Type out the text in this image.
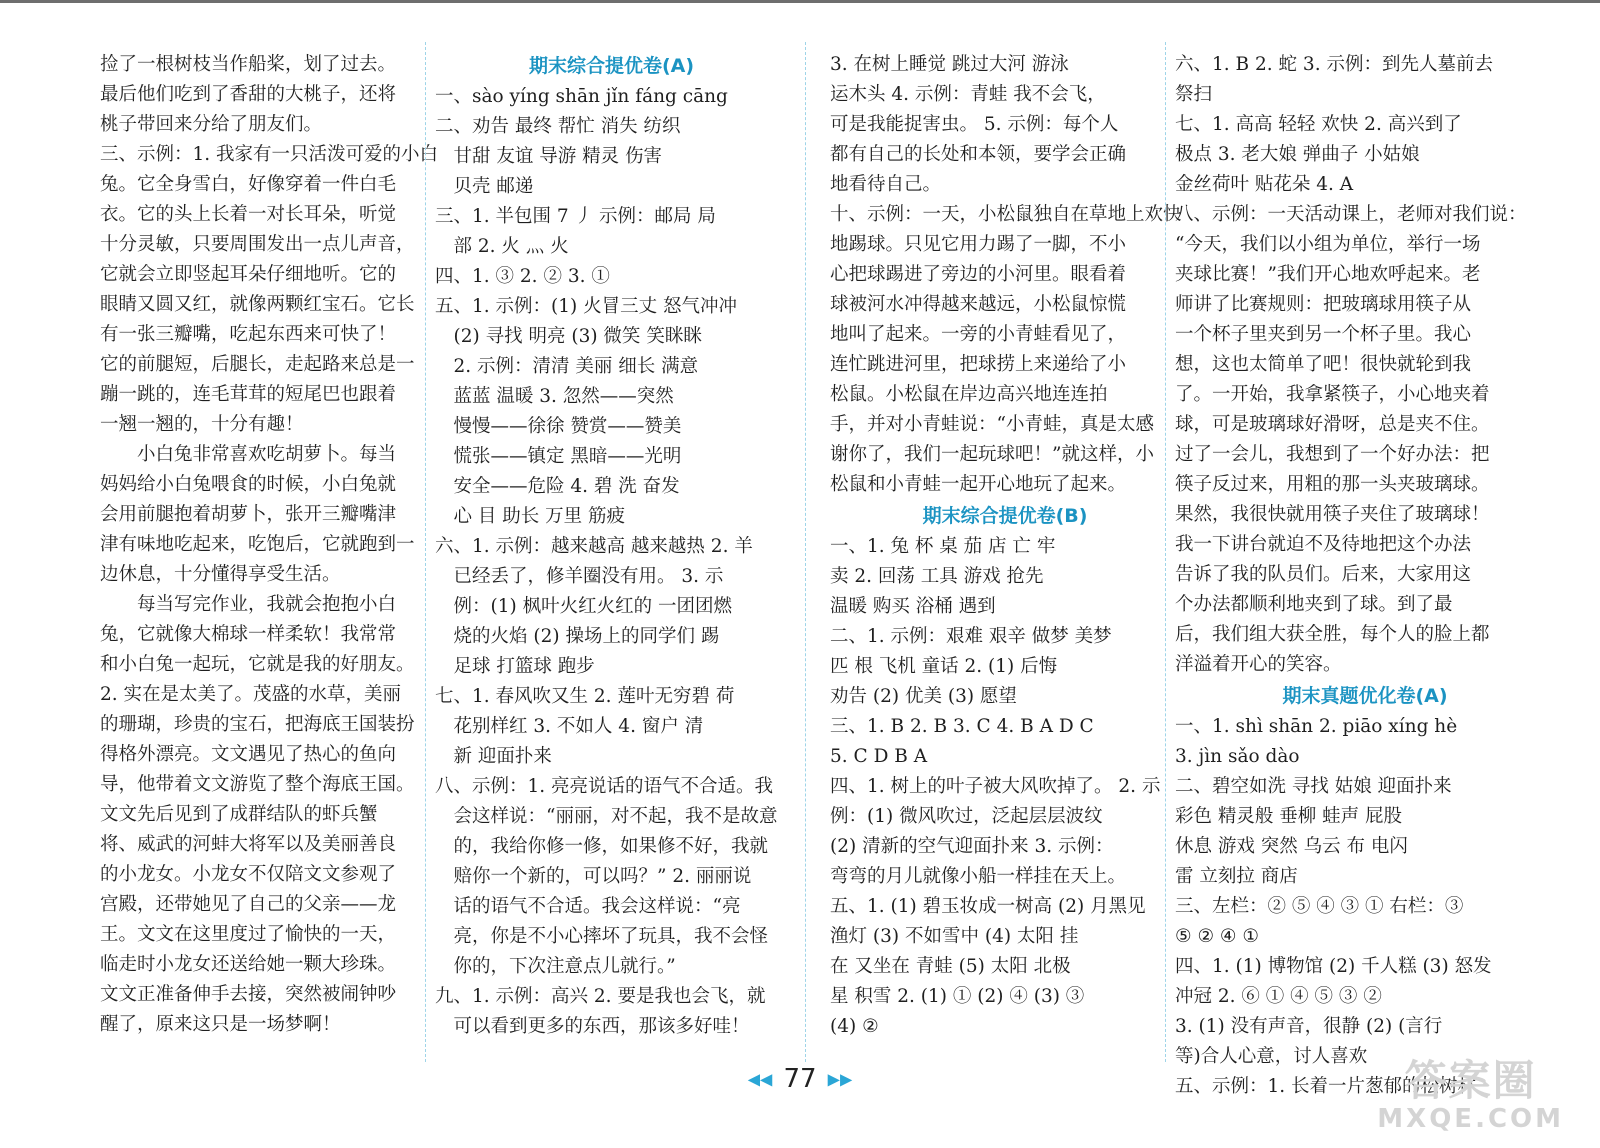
捡了一根树枝当作船桨，划了过去。
最后他们吃到了香甜的大桃子，还将
桃子带回来分给了朋友们。
三、示例：1. 我家有一只活泼可爱的小白
兔。它全身雪白，好像穿着一件白毛
衣。它的头上长着一对长耳朵，听觉
十分灵敏，只要周围发出一点儿声音，
它就会立即竖起耳朵仔细地听。它的
眼睛又圆又红，就像两颗红宝石。它长
有一张三瓣嘴，吃起东西来可快了！
它的前腿短，后腿长，走起路来总是一
蹦一跳的，连毛茸茸的短尾巴也跟着
一翘一翘的，十分有趣！
小白兔非常喜欢吃胡萝卜。每当
妈妈给小白兔喂食的时候，小白兔就
会用前腿抱着胡萝卜，张开三瓣嘴津
津有味地吃起来，吃饱后，它就跑到一
边休息，十分懂得享受生活。
每当写完作业，我就会抱抱小白
兔，它就像大棉球一样柔软！我常常
和小白兔一起玩，它就是我的好朋友。
2. 实在是太美了。茂盛的水草，美丽
的珊瑚，珍贵的宝石，把海底王国装扮
得格外漂亮。文文遇见了热心的鱼向
导，他带着文文游览了整个海底王国。
文文先后见到了成群结队的虾兵蟹
将、威武的河蚌大将军以及美丽善良
的小龙女。小龙女不仅陪文文参观了
宫殿，还带她见了自己的父亲——龙
王。文文在这里度过了愉快的一天，
临走时小龙女还送给她一颗大珍珠。
文文正准备伸手去接，突然被闹钟吵
醒了，原来这只是一场梦啊！
期末综合提优卷(A)
一、sào yíng shān jǐn fáng cāng
二、劝告 最终 帮忙 消失 纺织
甘甜 友谊 导游 精灵 伤害
贝壳 邮递
三、1. 半包围 7 丿 示例：邮局 局
部 2. 火 灬 火
四、1. ③ 2. ② 3. ①
五、1. 示例：(1) 火冒三丈 怒气冲冲
(2) 寻找 明亮 (3) 微笑 笑眯眯
2. 示例：清清 美丽 细长 满意
蓝蓝 温暖 3. 忽然——突然
慢慢——徐徐 赞赏——赞美
慌张——镇定 黑暗——光明
安全——危险 4. 碧 洗 奋发
心 目 助长 万里 筋疲
六、1. 示例：越来越高 越来越热 2. 羊
已经丢了，修羊圈没有用。 3. 示
例：(1) 枫叶火红火红的 一团团燃
烧的火焰 (2) 操场上的同学们 踢
足球 打篮球 跑步
七、1. 春风吹又生 2. 莲叶无穷碧 荷
花别样红 3. 不如人 4. 窗户 清
新 迎面扑来
八、示例：1. 亮亮说话的语气不合适。我
会这样说：“丽丽，对不起，我不是故意
的，我给你修一修，如果修不好，我就
赔你一个新的，可以吗？” 2. 丽丽说
话的语气不合适。我会这样说：“亮
亮，你是不小心摔坏了玩具，我不会怪
你的，下次注意点儿就行。”
九、1. 示例：高兴 2. 要是我也会飞，就
可以看到更多的东西，那该多好哇！
3. 在树上睡觉 跳过大河 游泳
运木头 4. 示例：青蛙 我不会飞，
可是我能捉害虫。 5. 示例：每个人
都有自己的长处和本领，要学会正确
地看待自己。
十、示例：一天，小松鼠独自在草地上欢快
地踢球。只见它用力踢了一脚，不小
心把球踢进了旁边的小河里。眼看着
球被河水冲得越来越远，小松鼠惊慌
地叫了起来。一旁的小青蛙看见了，
连忙跳进河里，把球捞上来递给了小
松鼠。小松鼠在岸边高兴地连连拍
手，并对小青蛙说：“小青蛙，真是太感
谢你了，我们一起玩球吧！”就这样，小
松鼠和小青蛙一起开心地玩了起来。
期末综合提优卷(B)
一、1. 兔 杯 桌 茄 店 亡 牢
卖 2. 回荡 工具 游戏 抢先
温暖 购买 浴桶 遇到
二、1. 示例：艰难 艰辛 做梦 美梦
匹 根 飞机 童话 2. (1) 后悔
劝告 (2) 优美 (3) 愿望
三、1. B 2. B 3. C 4. B A D C
5. C D B A
四、1. 树上的叶子被大风吹掉了。 2. 示
例：(1) 微风吹过，泛起层层波纹
(2) 清新的空气迎面扑来 3. 示例：
弯弯的月儿就像小船一样挂在天上。
五、1. (1) 碧玉妆成一树高 (2) 月黑见
渔灯 (3) 不如雪中 (4) 太阳 挂
在 又坐在 青蛙 (5) 太阳 北极
星 积雪 2. (1) ① (2) ④ (3) ③
(4) ②
六、1. B 2. 蛇 3. 示例：到先人墓前去
祭扫
七、1. 高高 轻轻 欢快 2. 高兴到了
极点 3. 老大娘 弹曲子 小姑娘
金丝荷叶 贴花朵 4. A
八、示例：一天活动课上，老师对我们说：
“今天，我们以小组为单位，举行一场
夹球比赛！”我们开心地欢呼起来。老
师讲了比赛规则：把玻璃球用筷子从
一个杯子里夹到另一个杯子里。我心
想，这也太简单了吧！很快就轮到我
了。一开始，我拿紧筷子，小心地夹着
球，可是玻璃球好滑呀，总是夹不住。
过了一会儿，我想到了一个好办法：把
筷子反过来，用粗的那一头夹玻璃球。
果然，我很快就用筷子夹住了玻璃球！
我一下讲台就迫不及待地把这个办法
告诉了我的队员们。后来，大家用这
个办法都顺利地夹到了球。到了最
后，我们组大获全胜，每个人的脸上都
洋溢着开心的笑容。
期末真题优化卷(A)
一、1. shì shān 2. piāo xíng hè
3. jìn sǎo dào
二、碧空如洗 寻找 姑娘 迎面扑来
彩色 精灵般 垂柳 蛙声 屁股
休息 游戏 突然 乌云 布 电闪
雷 立刻拉 商店
三、左栏：② ⑤ ④ ③ ① 右栏：③
⑤ ② ④ ①
四、1. (1) 博物馆 (2) 千人糕 (3) 怒发
冲冠 2. ⑥ ① ④ ⑤ ③ ②
3. (1) 没有声音，很静 (2) (言行
等)合人心意，讨人喜欢
五、示例：1. 长着一片葱郁的松树林
◀◀ 77 ▶▶	答案圈
MXQE.COM
